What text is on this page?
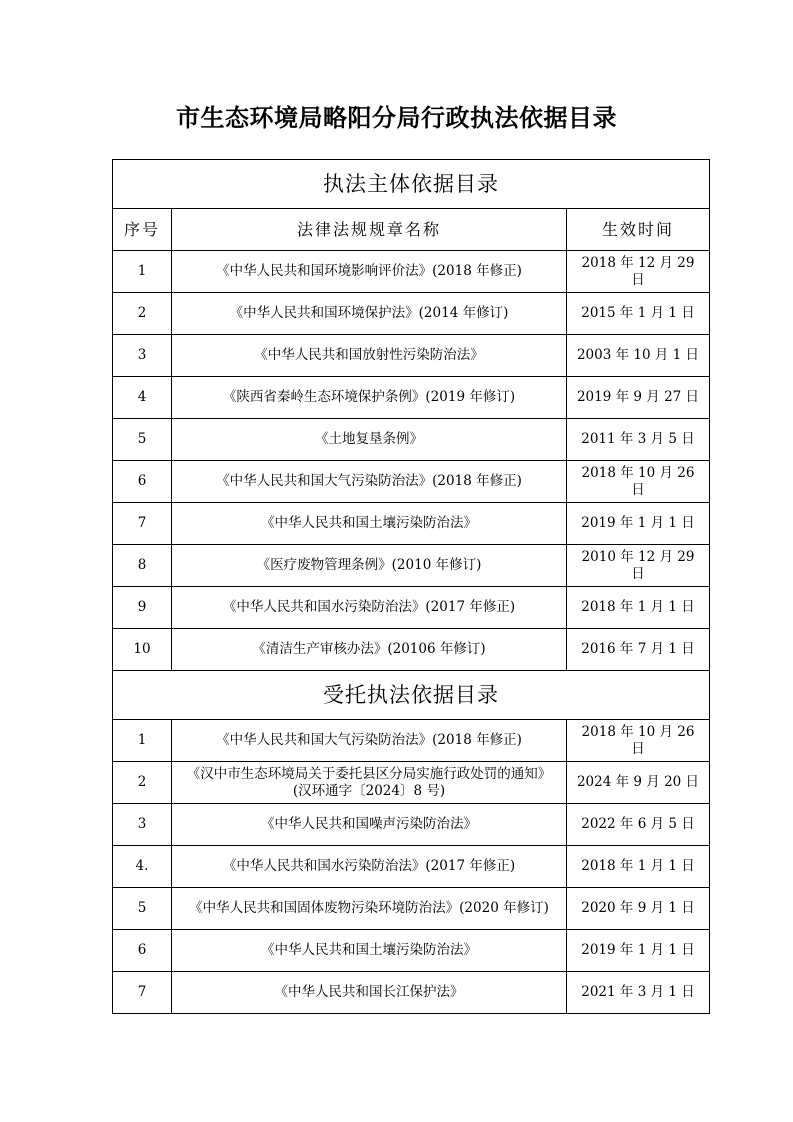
市生态环境局略阳分局行政执法依据目录
执法主体依据目录		
序号	法律法规规章名称	生效时间
1	《中华人民共和国环境影响评价法》(2018 年修正)	2018 年 12 月 29 日
2	《中华人民共和国环境保护法》(2014 年修订)	2015 年 1 月 1 日
3	《中华人民共和国放射性污染防治法》	2003 年 10 月 1 日
4	《陕西省秦岭生态环境保护条例》(2019 年修订)	2019 年 9 月 27 日
5	《土地复垦条例》	2011 年 3 月 5 日
6	《中华人民共和国大气污染防治法》(2018 年修正)	2018 年 10 月 26 日
7	《中华人民共和国土壤污染防治法》	2019 年 1 月 1 日
8	《医疗废物管理条例》(2010 年修订)	2010 年 12 月 29 日
9	《中华人民共和国水污染防治法》(2017 年修正)	2018 年 1 月 1 日
10	《清洁生产审核办法》(20106 年修订)	2016 年 7 月 1 日
受托执法依据目录		
1	《中华人民共和国大气污染防治法》(2018 年修正)	2018 年 10 月 26 日
2	《汉中市生态环境局关于委托县区分局实施行政处罚的通知》(汉环通字〔2024〕8 号)	2024 年 9 月 20 日
3	《中华人民共和国噪声污染防治法》	2022 年 6 月 5 日
4.	《中华人民共和国水污染防治法》(2017 年修正)	2018 年 1 月 1 日
5	《中华人民共和国固体废物污染环境防治法》(2020 年修订)	2020 年 9 月 1 日
6	《中华人民共和国土壤污染防治法》	2019 年 1 月 1 日
7	《中华人民共和国长江保护法》	2021 年 3 月 1 日
